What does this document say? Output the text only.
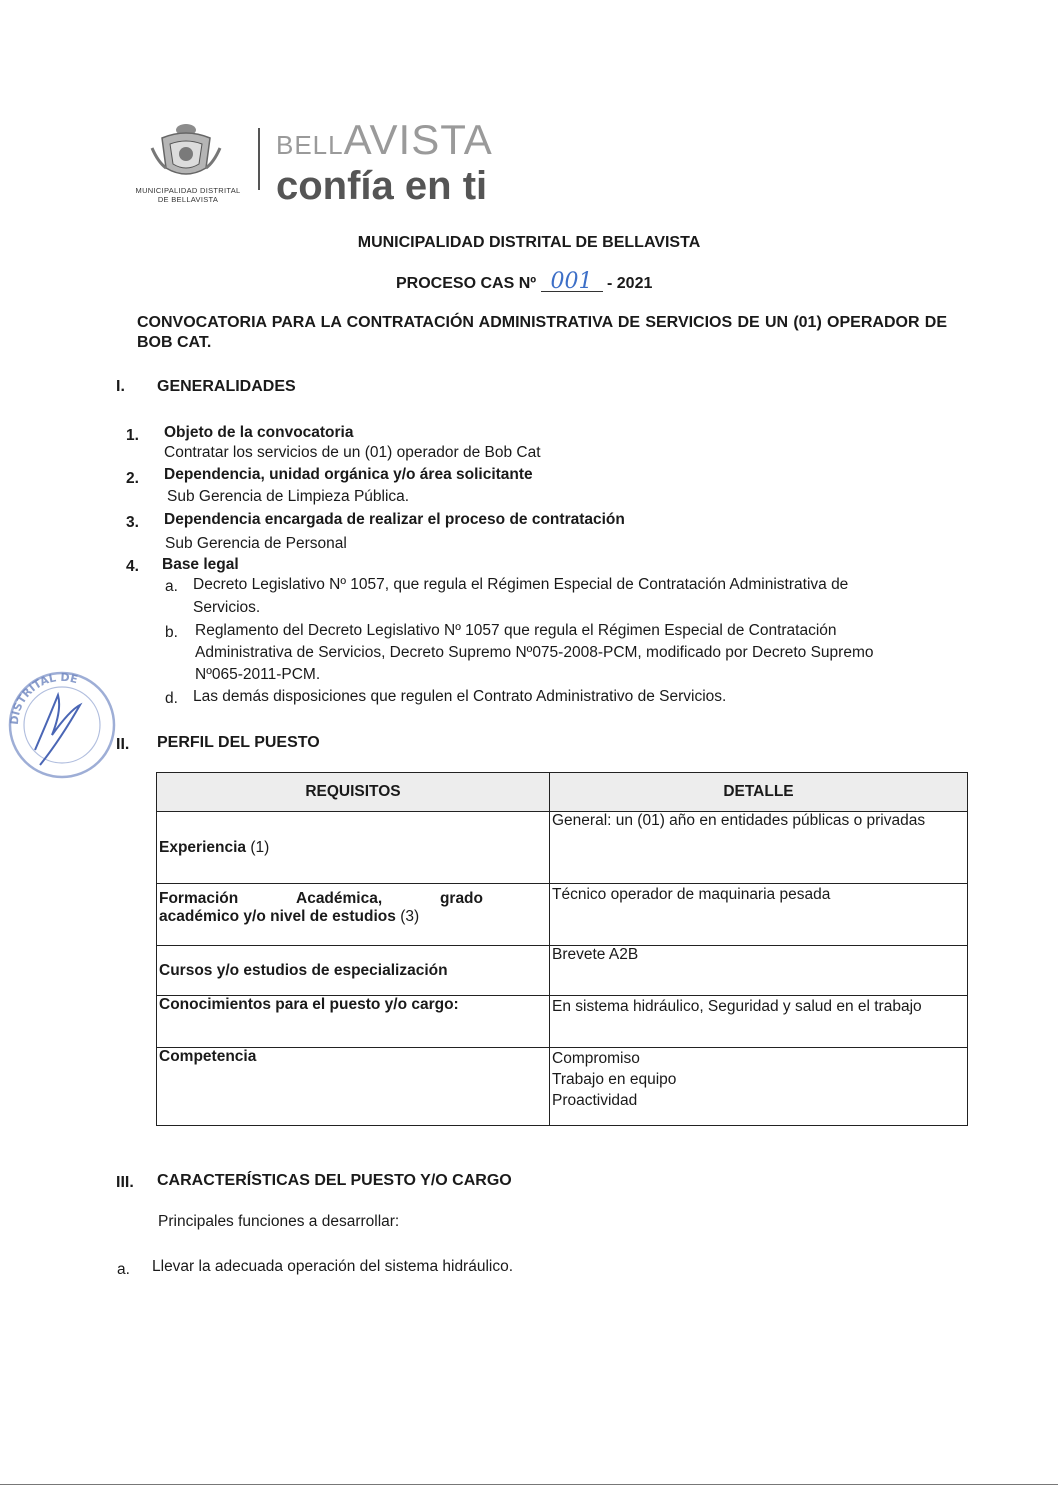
MUNICIPALIDAD DISTRITAL
DE BELLAVISTA
BELLAVISTA
confía en ti
MUNICIPALIDAD DISTRITAL DE BELLAVISTA
PROCESO CAS Nº 001 - 2021
CONVOCATORIA PARA LA CONTRATACIÓN ADMINISTRATIVA DE SERVICIOS DE UN (01) OPERADOR DE BOB CAT.
I. GENERALIDADES
1. Objeto de la convocatoria
Contratar los servicios de un (01) operador de Bob Cat
2. Dependencia, unidad orgánica y/o área solicitante
Sub Gerencia de Limpieza Pública.
3. Dependencia encargada de realizar el proceso de contratación
Sub Gerencia de Personal
4. Base legal
a. Decreto Legislativo Nº 1057, que regula el Régimen Especial de Contratación Administrativa de
Servicios.
b. Reglamento del Decreto Legislativo Nº 1057 que regula el Régimen Especial de Contratación
Administrativa de Servicios, Decreto Supremo Nº075-2008-PCM, modificado por Decreto Supremo
Nº065-2011-PCM.
d. Las demás disposiciones que regulen el Contrato Administrativo de Servicios.
DISTRITAL DE
II. PERFIL DEL PUESTO
REQUISITOS	DETALLE
Experiencia (1)	General: un (01) año en entidades públicas o privadas

Formación Académica, grado
académico y/o nivel de estudios (3)	Técnico operador de maquinaria pesada

Cursos y/o estudios de especialización	Brevete A2B

Conocimientos para el puesto y/o cargo:	En sistema hidráulico, Seguridad y salud en el trabajo

Competencia	Compromiso
Trabajo en equipo
Proactividad
III. CARACTERÍSTICAS DEL PUESTO Y/O CARGO
Principales funciones a desarrollar:
a. Llevar la adecuada operación del sistema hidráulico.
